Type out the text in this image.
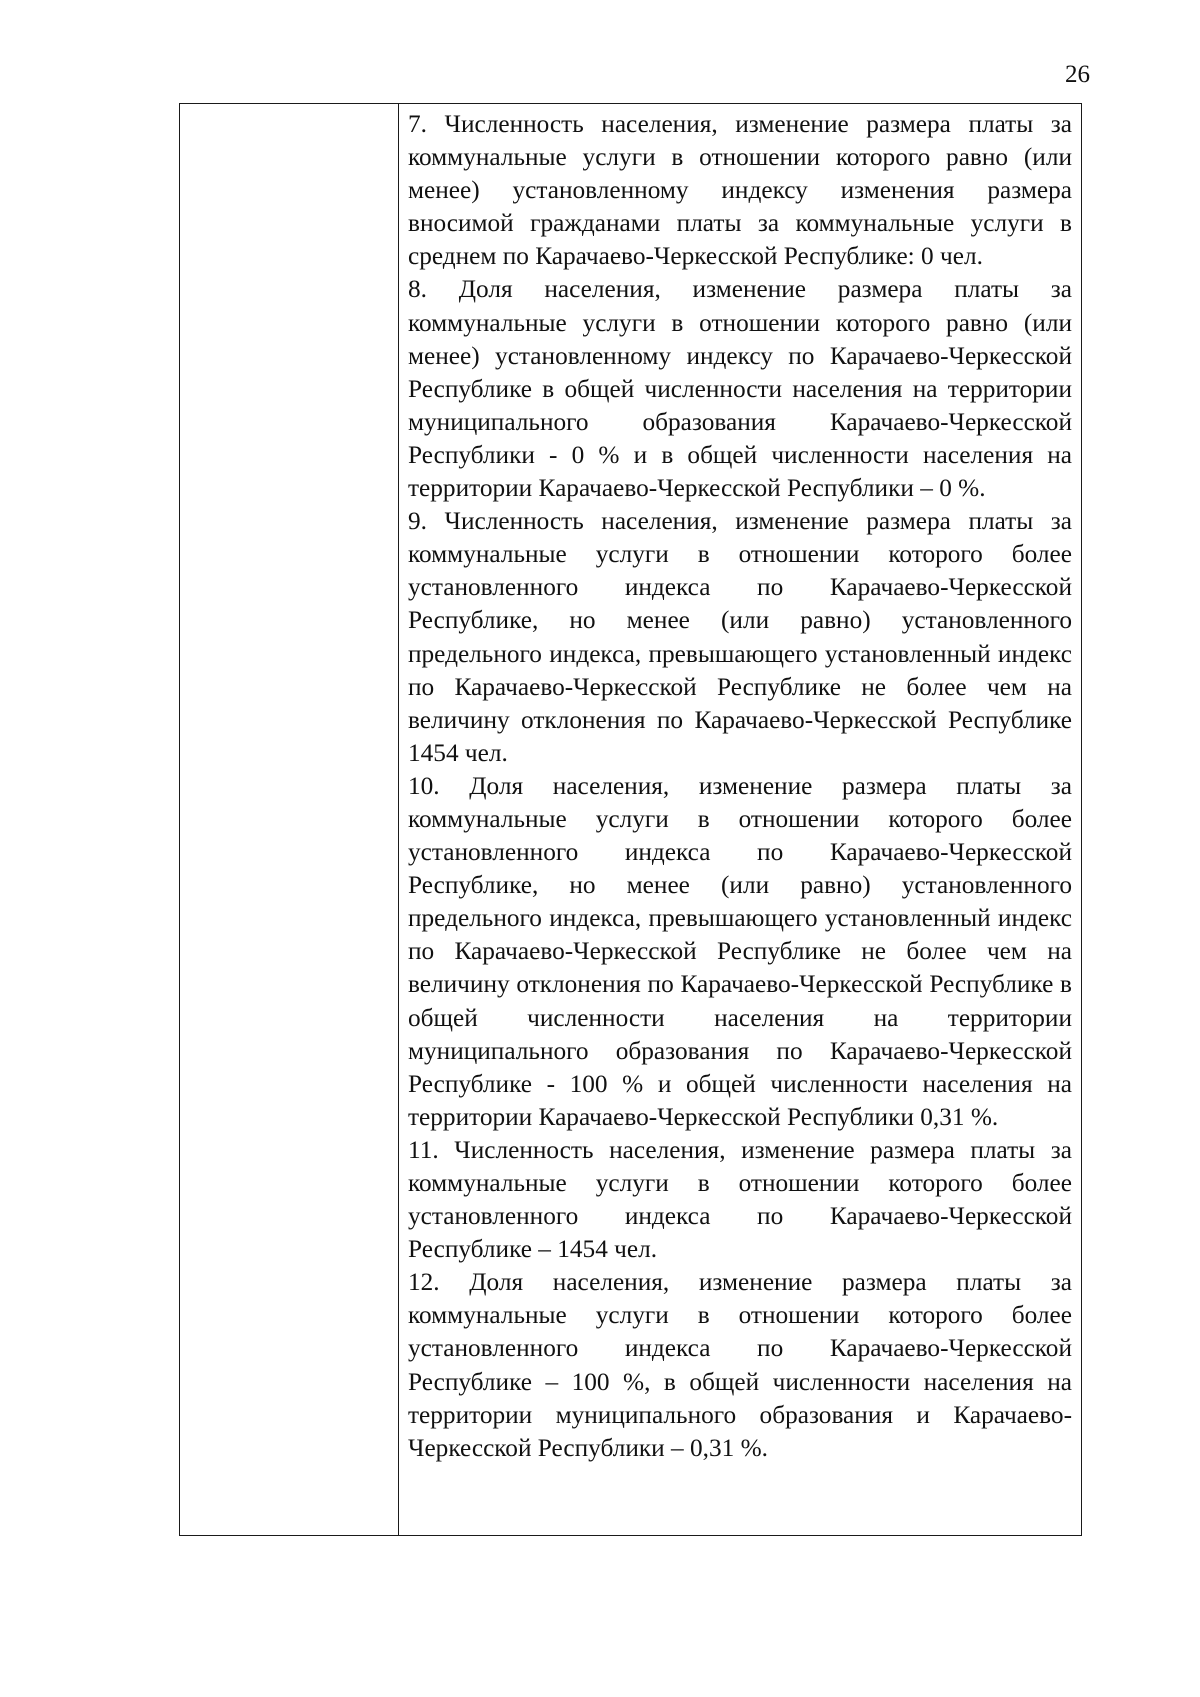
26

7. Численность населения, изменение размера платы за коммунальные услуги в отношении которого равно (или менее) установленному индексу изменения размера вносимой гражданами платы за коммунальные услуги в среднем по Карачаево-Черкесской Республике: 0 чел.

8. Доля населения, изменение размера платы за коммунальные услуги в отношении которого равно (или менее) установленному индексу по Карачаево-Черкесской Республике в общей численности населения на территории муниципального образования Карачаево-Черкесской Республики - 0 % и в общей численности населения на территории Карачаево-Черкесской Республики – 0 %.

9. Численность населения, изменение размера платы за коммунальные услуги в отношении которого более установленного индекса по Карачаево-Черкесской Республике, но менее (или равно) установленного предельного индекса, превышающего установленный индекс по Карачаево-Черкесской Республике не более чем на величину отклонения по Карачаево-Черкесской Республике 1454 чел.

10. Доля населения, изменение размера платы за коммунальные услуги в отношении которого более установленного индекса по Карачаево-Черкесской Республике, но менее (или равно) установленного предельного индекса, превышающего установленный индекс по Карачаево-Черкесской Республике не более чем на величину отклонения по Карачаево-Черкесской Республике в общей численности населения на территории муниципального образования по Карачаево-Черкесской Республике - 100 % и общей численности населения на территории Карачаево-Черкесской Республики 0,31 %.

11. Численность населения, изменение размера платы за коммунальные услуги в отношении которого более установленного индекса по Карачаево-Черкесской Республике – 1454 чел.

12. Доля населения, изменение размера платы за коммунальные услуги в отношении которого более установленного индекса по Карачаево-Черкесской Республике – 100 %, в общей численности населения на территории муниципального образования и Карачаево-Черкесской Республики – 0,31 %.
